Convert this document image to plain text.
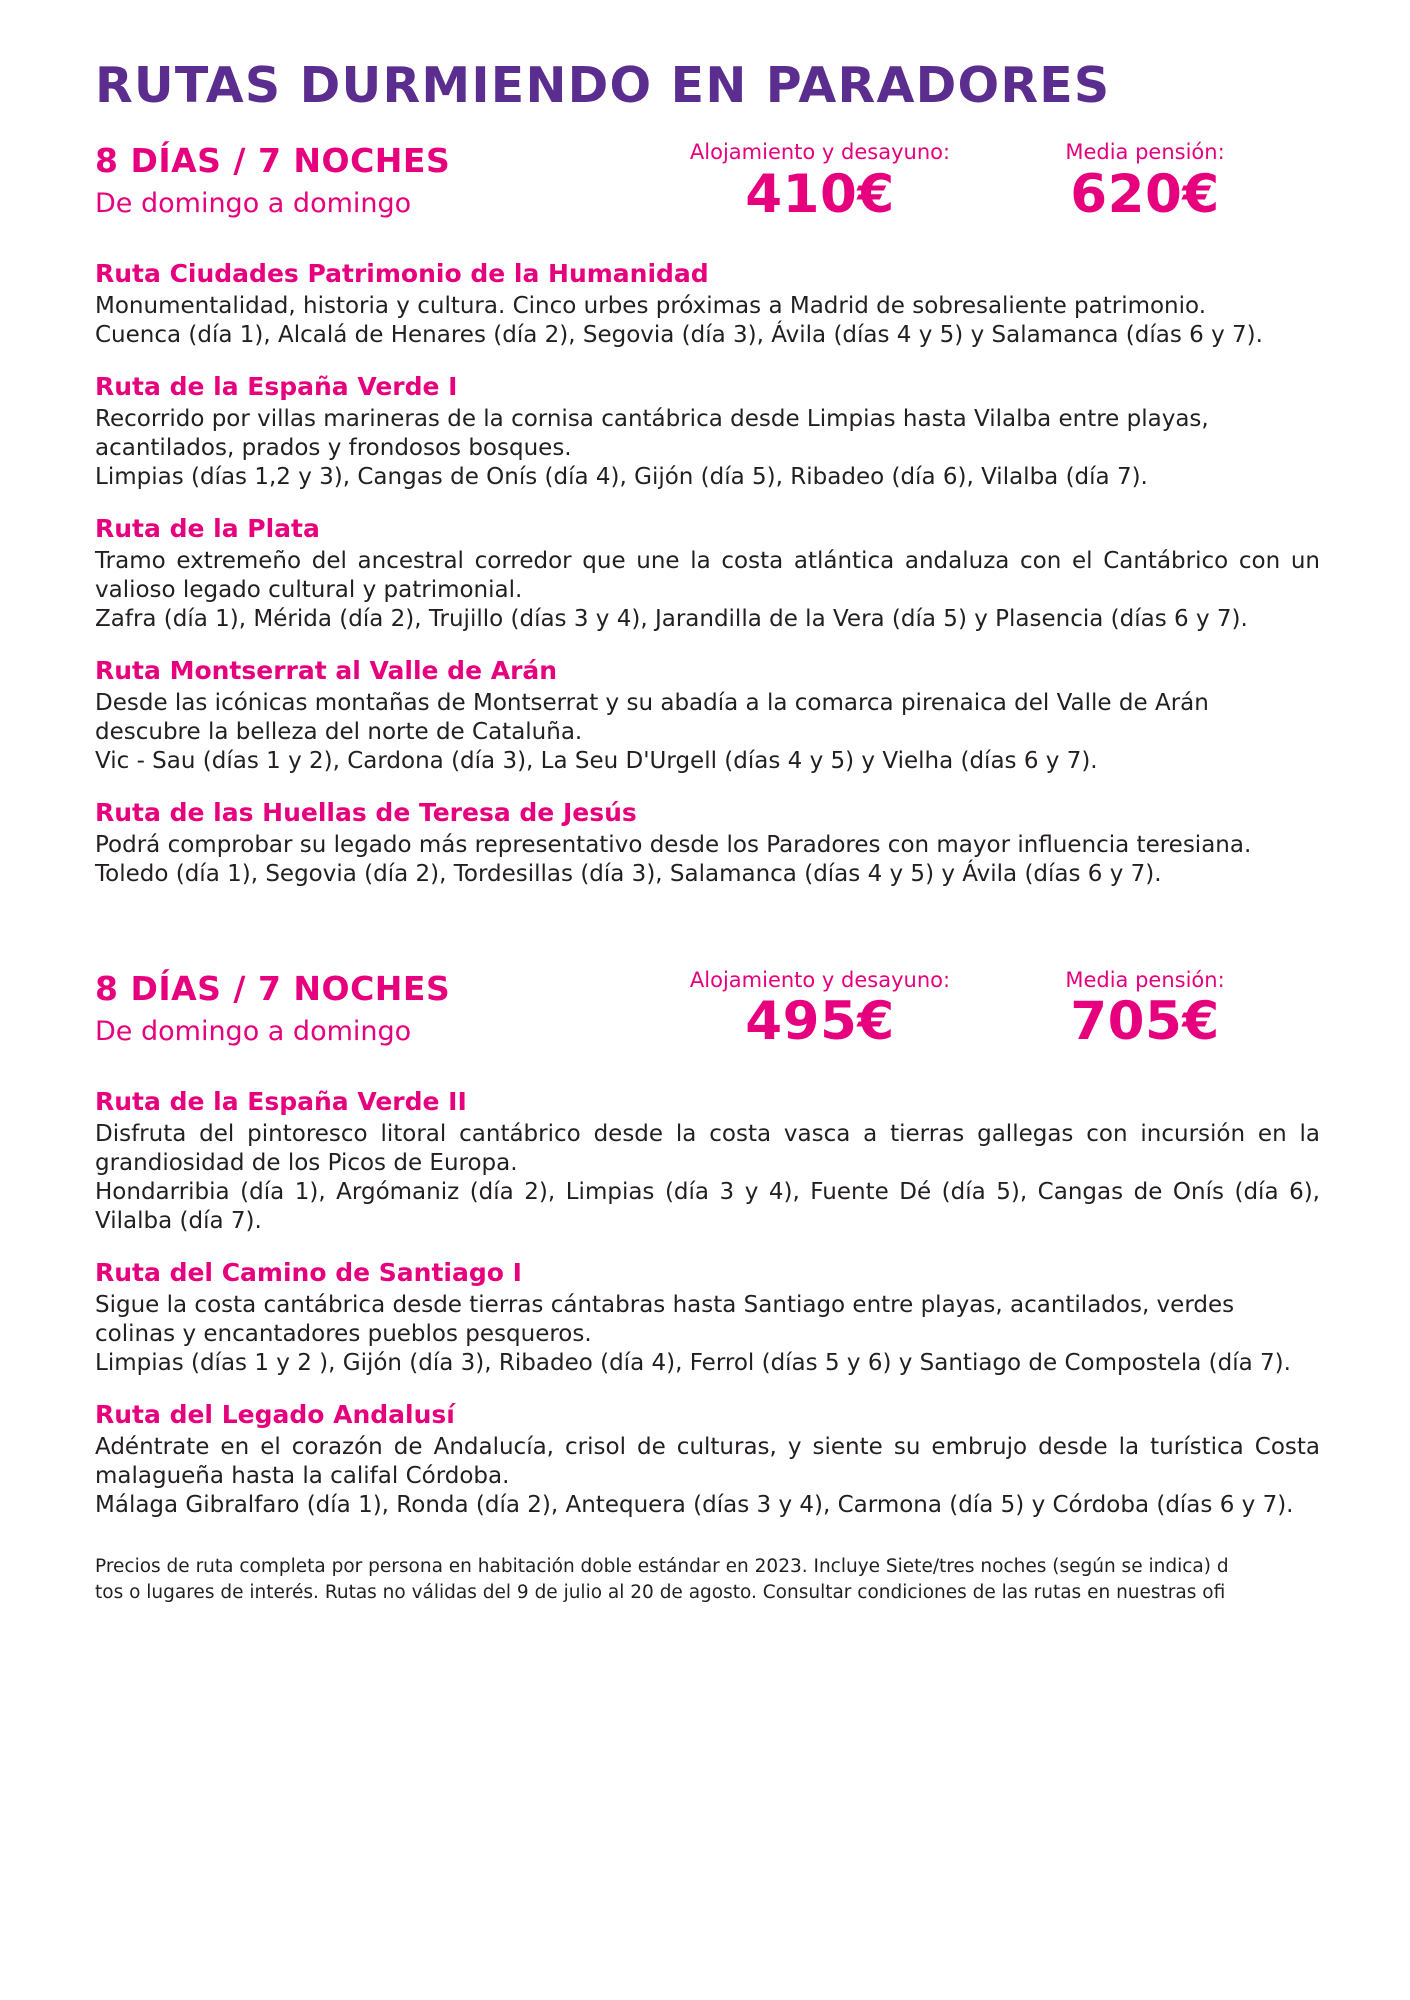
RUTAS DURMIENDO EN PARADORES
8 DÍAS / 7 NOCHES
De domingo a domingo
Alojamiento y desayuno:
410€
Media pensión:
620€
Ruta Ciudades Patrimonio de la Humanidad

Monumentalidad, historia y cultura. Cinco urbes próximas a Madrid de sobresaliente patrimonio.

Cuenca (día 1), Alcalá de Henares (día 2), Segovia (día 3), Ávila (días 4 y 5) y Salamanca (días 6 y 7).

Ruta de la España Verde I

Recorrido por villas marineras de la cornisa cantábrica desde Limpias hasta Vilalba entre playas, acantilados, prados y frondosos bosques.

Limpias (días 1,2 y 3), Cangas de Onís (día 4), Gijón (día 5), Ribadeo (día 6), Vilalba (día 7).

Ruta de la Plata

Tramo extremeño del ancestral corredor que une la costa atlántica andaluza con el Cantábrico con un valioso legado cultural y patrimonial.

Zafra (día 1), Mérida (día 2), Trujillo (días 3 y 4), Jarandilla de la Vera (día 5) y Plasencia (días 6 y 7).

Ruta Montserrat al Valle de Arán

Desde las icónicas montañas de Montserrat y su abadía a la comarca pirenaica del Valle de Arán descubre la belleza del norte de Cataluña.

Vic - Sau (días 1 y 2), Cardona (día 3), La Seu D'Urgell (días 4 y 5) y Vielha (días 6 y 7).

Ruta de las Huellas de Teresa de Jesús

Podrá comprobar su legado más representativo desde los Paradores con mayor influencia teresiana.

Toledo (día 1), Segovia (día 2), Tordesillas (día 3), Salamanca (días 4 y 5) y Ávila (días 6 y 7).

8 DÍAS / 7 NOCHES
De domingo a domingo
Alojamiento y desayuno:
495€
Media pensión:
705€
Ruta de la España Verde II

Disfruta del pintoresco litoral cantábrico desde la costa vasca a tierras gallegas con incursión en la grandiosidad de los Picos de Europa.

Hondarribia (día 1), Argómaniz (día 2), Limpias (día 3 y 4), Fuente Dé (día 5), Cangas de Onís (día 6), Vilalba (día 7).

Ruta del Camino de Santiago I

Sigue la costa cantábrica desde tierras cántabras hasta Santiago entre playas, acantilados, verdes colinas y encantadores pueblos pesqueros.

Limpias (días 1 y 2 ), Gijón (día 3), Ribadeo (día 4), Ferrol (días 5 y 6) y Santiago de Compostela (día 7).

Ruta del Legado Andalusí

Adéntrate en el corazón de Andalucía, crisol de culturas, y siente su embrujo desde la turística Costa malagueña hasta la califal Córdoba.

Málaga Gibralfaro (día 1), Ronda (día 2), Antequera (días 3 y 4), Carmona (día 5) y Córdoba (días 6 y 7).

Precios de ruta completa por persona en habitación doble estándar en 2023. Incluye Siete/tres noches (según se indica) d
tos o lugares de interés. Rutas no válidas del 9 de julio al 20 de agosto. Consultar condiciones de las rutas en nuestras ofi
